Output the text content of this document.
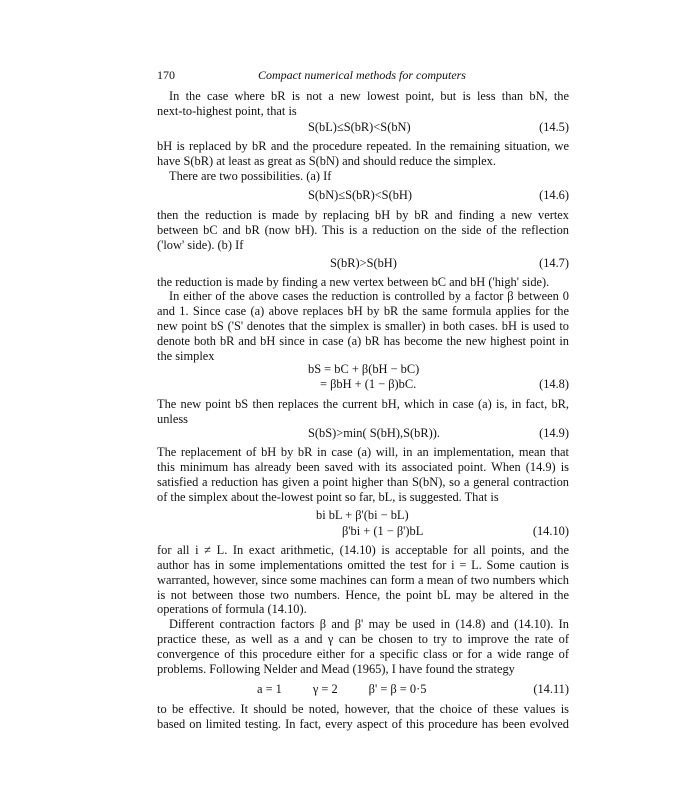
170	Compact numerical methods for computers
In the case where bR is not a new lowest point, but is less than bN, the
next-to-highest point, that is
S(bL)≤S(bR)<S(bN)	(14.5)
bH is replaced by bR and the procedure repeated. In the remaining situation, we
have S(bR) at least as great as S(bN) and should reduce the simplex.
There are two possibilities. (a) If
S(bN)≤S(bR)<S(bH)	(14.6)
then the reduction is made by replacing bH by bR and finding a new vertex
between bC and bR (now bH). This is a reduction on the side of the reflection
('low' side). (b) If
S(bR)>S(bH)	(14.7)
the reduction is made by finding a new vertex between bC and bH ('high' side).
In either of the above cases the reduction is controlled by a factor β between 0
and 1. Since case (a) above replaces bH by bR the same formula applies for the
new point bS ('S' denotes that the simplex is smaller) in both cases. bH is used to
denote both bR and bH since in case (a) bR has become the new highest point in
the simplex
bS = bC + β(bH − bC)
= βbH + (1 − β)bC.	(14.8)
The new point bS then replaces the current bH, which in case (a) is, in fact, bR,
unless
S(bS)>min( S(bH),S(bR)).	(14.9)
The replacement of bH by bR in case (a) will, in an implementation, mean that
this minimum has already been saved with its associated point. When (14.9) is
satisfied a reduction has given a point higher than S(bN), so a general contraction
of the simplex about the-lowest point so far, bL, is suggested. That is
bi bL + β'(bi − bL)
β'bi + (1 − β')bL	(14.10)
for all i ≠ L. In exact arithmetic, (14.10) is acceptable for all points, and the
author has in some implementations omitted the test for i = L. Some caution is
warranted, however, since some machines can form a mean of two numbers which
is not between those two numbers. Hence, the point bL may be altered in the
operations of formula (14.10).
Different contraction factors β and β' may be used in (14.8) and (14.10). In
practice these, as well as a and γ can be chosen to try to improve the rate of
convergence of this procedure either for a specific class or for a wide range of
problems. Following Nelder and Mead (1965), I have found the strategy
a = 1          γ = 2          β' = β = 0·5	(14.11)
to be effective. It should be noted, however, that the choice of these values is
based on limited testing. In fact, every aspect of this procedure has been evolved
